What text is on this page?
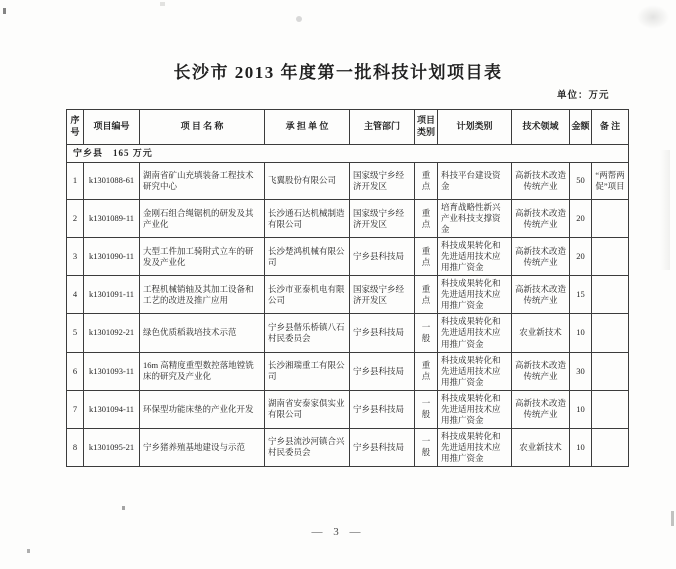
长沙市 2013 年度第一批科技计划项目表
单位：万元
序号	项目编号	项 目 名 称	承 担 单 位	主管部门	项目类别	计划类别	技术领域	金额	备 注
宁乡县　165 万元									
1	k1301088-61	湖南省矿山充填装备工程技术研究中心	飞翼股份有限公司	国家级宁乡经济开发区	重点	科技平台建设资金	高新技术改造传统产业	50	“两帮两促”项目
2	k1301089-11	金刚石组合绳锯机的研发及其产业化	长沙通石达机械制造有限公司	国家级宁乡经济开发区	重点	培育战略性新兴产业科技支撑资金	高新技术改造传统产业	20	
3	k1301090-11	大型工件加工骑附式立车的研发及产业化	长沙楚鸿机械有限公司	宁乡县科技局	重点	科技成果转化和先进适用技术应用推广资金	高新技术改造传统产业	20	
4	k1301091-11	工程机械销轴及其加工设备和工艺的改进及推广应用	长沙市亚泰机电有限公司	国家级宁乡经济开发区	重点	科技成果转化和先进适用技术应用推广资金	高新技术改造传统产业	15	
5	k1301092-21	绿色优质稻栽培技术示范	宁乡县偕乐桥镇八石村民委员会	宁乡县科技局	一般	科技成果转化和先进适用技术应用推广资金	农业新技术	10	
6	k1301093-11	16m 高精度重型数控落地镗铣床的研究及产业化	长沙湘瑞重工有限公司	宁乡县科技局	重点	科技成果转化和先进适用技术应用推广资金	高新技术改造传统产业	30	
7	k1301094-11	环保型功能床垫的产业化开发	湖南省安泰家俱实业有限公司	宁乡县科技局	一般	科技成果转化和先进适用技术应用推广资金	高新技术改造传统产业	10	
8	k1301095-21	宁乡猪养殖基地建设与示范	宁乡县流沙河镇合兴村民委员会	宁乡县科技局	一般	科技成果转化和先进适用技术应用推广资金	农业新技术	10	
— 3 —
